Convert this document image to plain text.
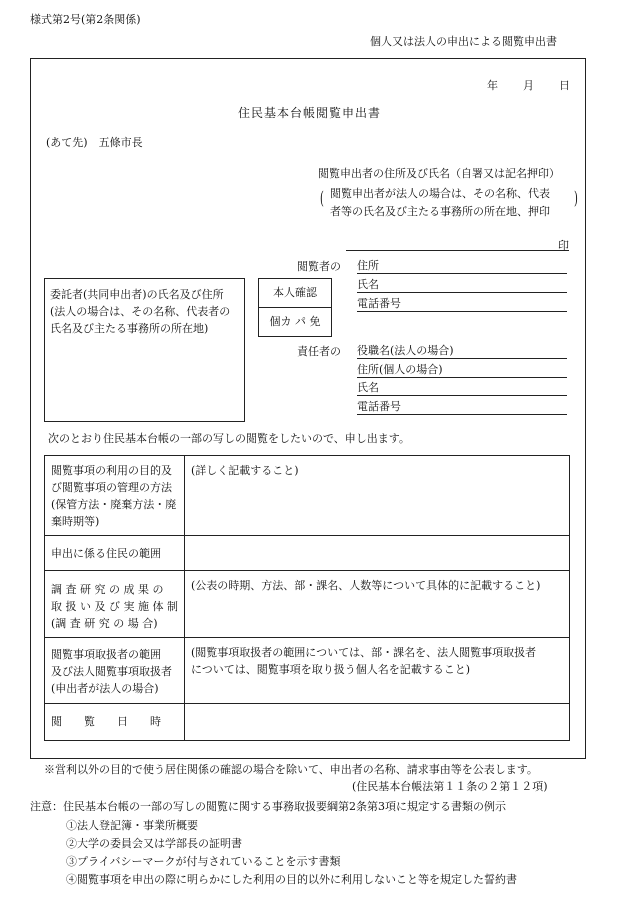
様式第2号(第2条関係)
個人又は法人の申出による閲覧申出書
年 月 日
住民基本台帳閲覧申出書
(あて先)　五條市長
閲覧申出者の住所及び氏名（自署又は記名押印）
( 閲覧申出者が法人の場合は、その名称、代表
者等の氏名及び主たる事務所の所在地、押印
)
印
閲覧者の 住所
氏名
電話番号
委託者(共同申出者)の氏名及び住所
(法人の場合は、その名称、代表者の
氏名及び主たる事務所の所在地)
本人確認
個カ パ 免
責任者の 役職名(法人の場合)
住所(個人の場合)
氏名
電話番号
次のとおり住民基本台帳の一部の写しの閲覧をしたいので、申し出ます。
閲覧事項の利用の目的及
び閲覧事項の管理の方法
(保管方法・廃棄方法・廃
棄時期等)
(詳しく記載すること)
申出に係る住民の範囲
調 査 研 究 の 成 果 の
取 扱 い 及 び 実 施 体 制
(調 査 研 究 の 場 合)
(公表の時期、方法、部・課名、人数等について具体的に記載すること)
閲覧事項取扱者の範囲
及び法人閲覧事項取扱者
(申出者が法人の場合)
(閲覧事項取扱者の範囲については、部・課名を、法人閲覧事項取扱者
については、閲覧事項を取り扱う個人名を記載すること)
閲　　覧　　日　　時
※営利以外の目的で使う居住関係の確認の場合を除いて、申出者の名称、請求事由等を公表します。
(住民基本台帳法第１１条の２第１２項)
注意：住民基本台帳の一部の写しの閲覧に関する事務取扱要綱第2条第3項に規定する書類の例示
①法人登記簿・事業所概要
②大学の委員会又は学部長の証明書
③プライバシーマークが付与されていることを示す書類
④閲覧事項を申出の際に明らかにした利用の目的以外に利用しないこと等を規定した誓約書
